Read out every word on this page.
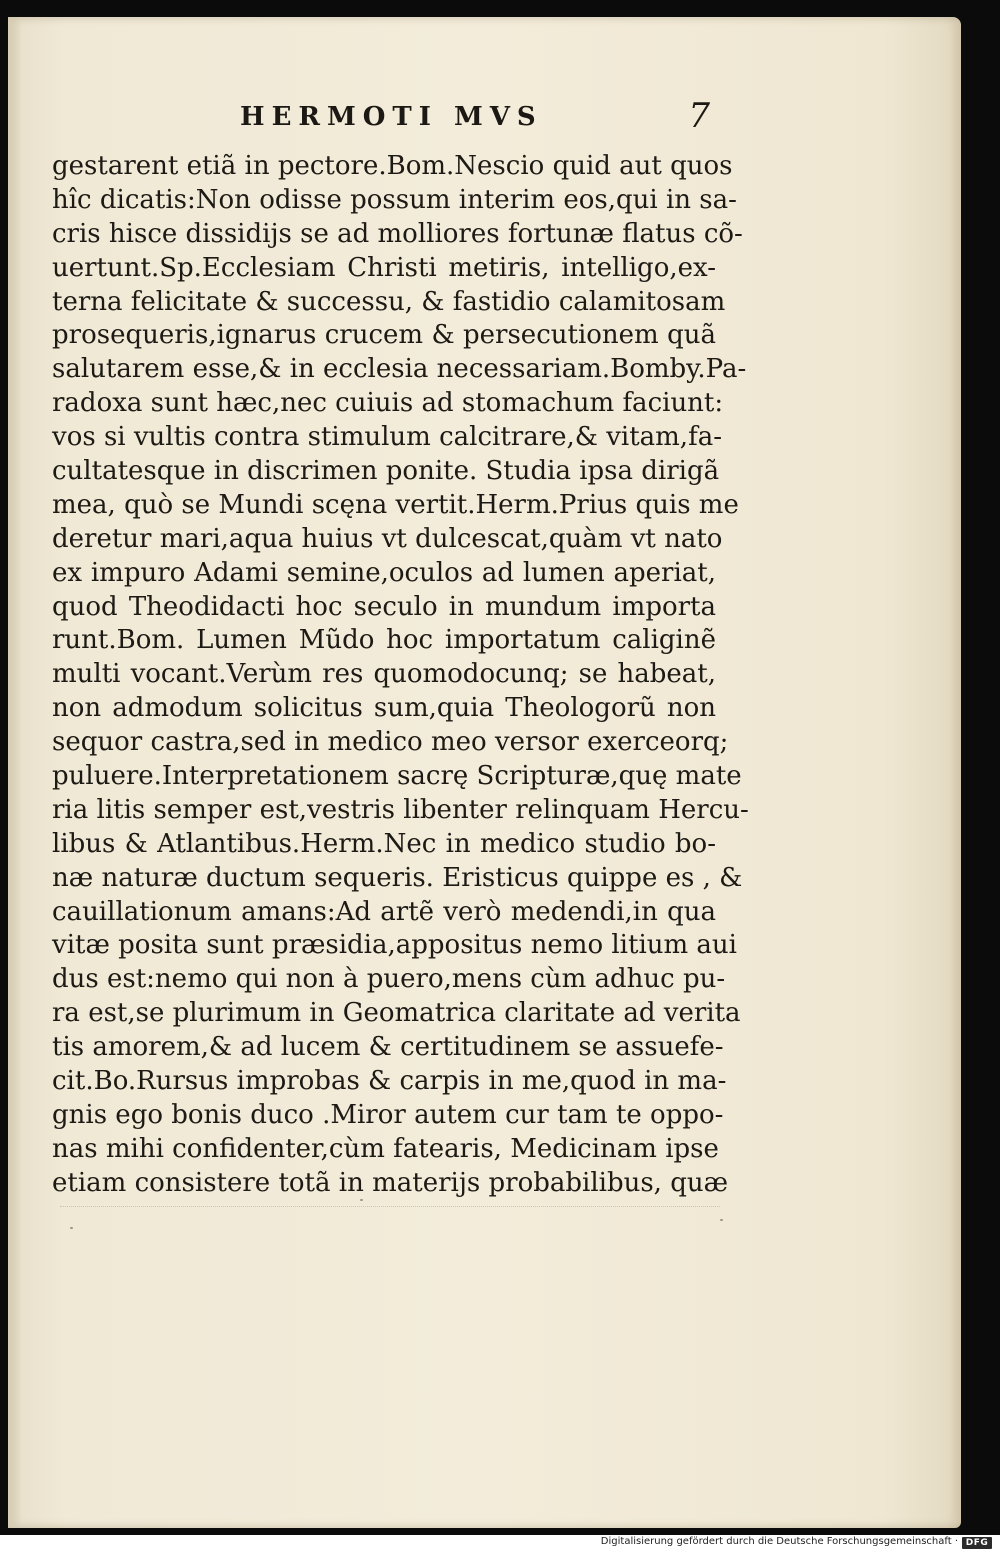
HERMOTI MVS	7
gestarent etiã in pectore.Bom.Nescio quid aut quos
hîc dicatis:Non odisse possum interim eos,qui in sa-
cris hisce dissidijs se ad molliores fortunæ flatus cõ-
uertunt.Sp.Ecclesiam Christi metiris, intelligo,ex-
terna felicitate & successu, & fastidio calamitosam
prosequeris,ignarus crucem & persecutionem quã
salutarem esse,& in ecclesia necessariam.Bomby.Pa-
radoxa sunt hæc,nec cuiuis ad stomachum faciunt:
vos si vultis contra stimulum calcitrare,& vitam,fa-
cultatesque in discrimen ponite. Studia ipsa dirigã
mea, quò se Mundi scęna vertit.Herm.Prius quis me
deretur mari,aqua huius vt dulcescat,quàm vt nato
ex impuro Adami semine,oculos ad lumen aperiat,
quod Theodidacti hoc seculo in mundum importa
runt.Bom. Lumen Mũdo hoc importatum caliginẽ
multi vocant.Verùm res quomodocunq; se habeat,
non admodum solicitus sum,quia Theologorũ non
sequor castra,sed in medico meo versor exerceorq;
puluere.Interpretationem sacrę Scripturæ,quę mate
ria litis semper est,vestris libenter relinquam Hercu-
libus & Atlantibus.Herm.Nec in medico studio bo-
næ naturæ ductum sequeris. Eristicus quippe es , &
cauillationum amans:Ad artẽ verò medendi,in qua
vitæ posita sunt præsidia,appositus nemo litium aui
dus est:nemo qui non à puero,mens cùm adhuc pu-
ra est,se plurimum in Geomatrica claritate ad verita
tis amorem,& ad lucem & certitudinem se assuefe-
cit.Bo.Rursus improbas & carpis in me,quod in ma-
gnis ego bonis duco .Miror autem cur tam te oppo-
nas mihi confidenter,cùm fatearis, Medicinam ipse
etiam consistere totã in materijs probabilibus, quæ
Digitalisierung gefördert durch die Deutsche Forschungsgemeinschaft · DFG
